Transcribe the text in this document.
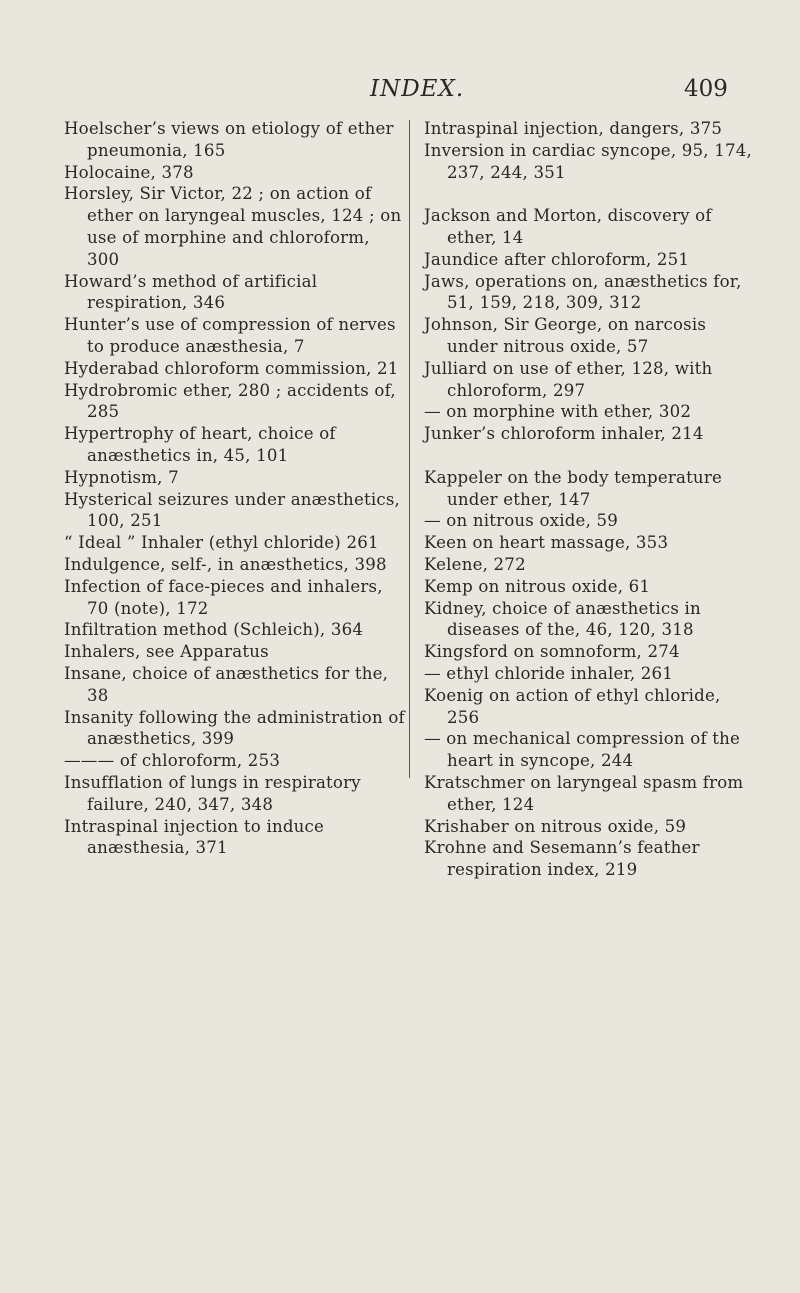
INDEX.	409
Hoelscher’s views on etiology of ether pneumonia, 165
Holocaine, 378
Horsley, Sir Victor, 22 ; on action of ether on laryngeal muscles, 124 ; on use of morphine and chloroform, 300
Howard’s method of artificial respiration, 346
Hunter’s use of compression of nerves to produce anæsthesia, 7
Hyderabad chloroform commission, 21
Hydrobromic ether, 280 ; accidents of, 285
Hypertrophy of heart, choice of anæsthetics in, 45, 101
Hypnotism, 7
Hysterical seizures under anæsthetics, 100, 251
“ Ideal ” Inhaler (ethyl chloride) 261
Indulgence, self-, in anæsthetics, 398
Infection of face-pieces and inhalers, 70 (note), 172
Infiltration method (Schleich), 364
Inhalers, see Apparatus
Insane, choice of anæsthetics for the, 38
Insanity following the administration of anæsthetics, 399
——— of chloroform, 253
Insufflation of lungs in respiratory failure, 240, 347, 348
Intraspinal injection to induce anæsthesia, 371
Intraspinal injection, dangers, 375
Inversion in cardiac syncope, 95, 174, 237, 244, 351
Jackson and Morton, discovery of ether, 14
Jaundice after chloroform, 251
Jaws, operations on, anæsthetics for, 51, 159, 218, 309, 312
Johnson, Sir George, on narcosis under nitrous oxide, 57
Julliard on use of ether, 128, with chloroform, 297
— on morphine with ether, 302
Junker’s chloroform inhaler, 214
Kappeler on the body temperature under ether, 147
— on nitrous oxide, 59
Keen on heart massage, 353
Kelene, 272
Kemp on nitrous oxide, 61
Kidney, choice of anæsthetics in diseases of the, 46, 120, 318
Kingsford on somnoform, 274
— ethyl chloride inhaler, 261
Koenig on action of ethyl chloride, 256
— on mechanical compression of the heart in syncope, 244
Kratschmer on laryngeal spasm from ether, 124
Krishaber on nitrous oxide, 59
Krohne and Sesemann’s feather respiration index, 219
